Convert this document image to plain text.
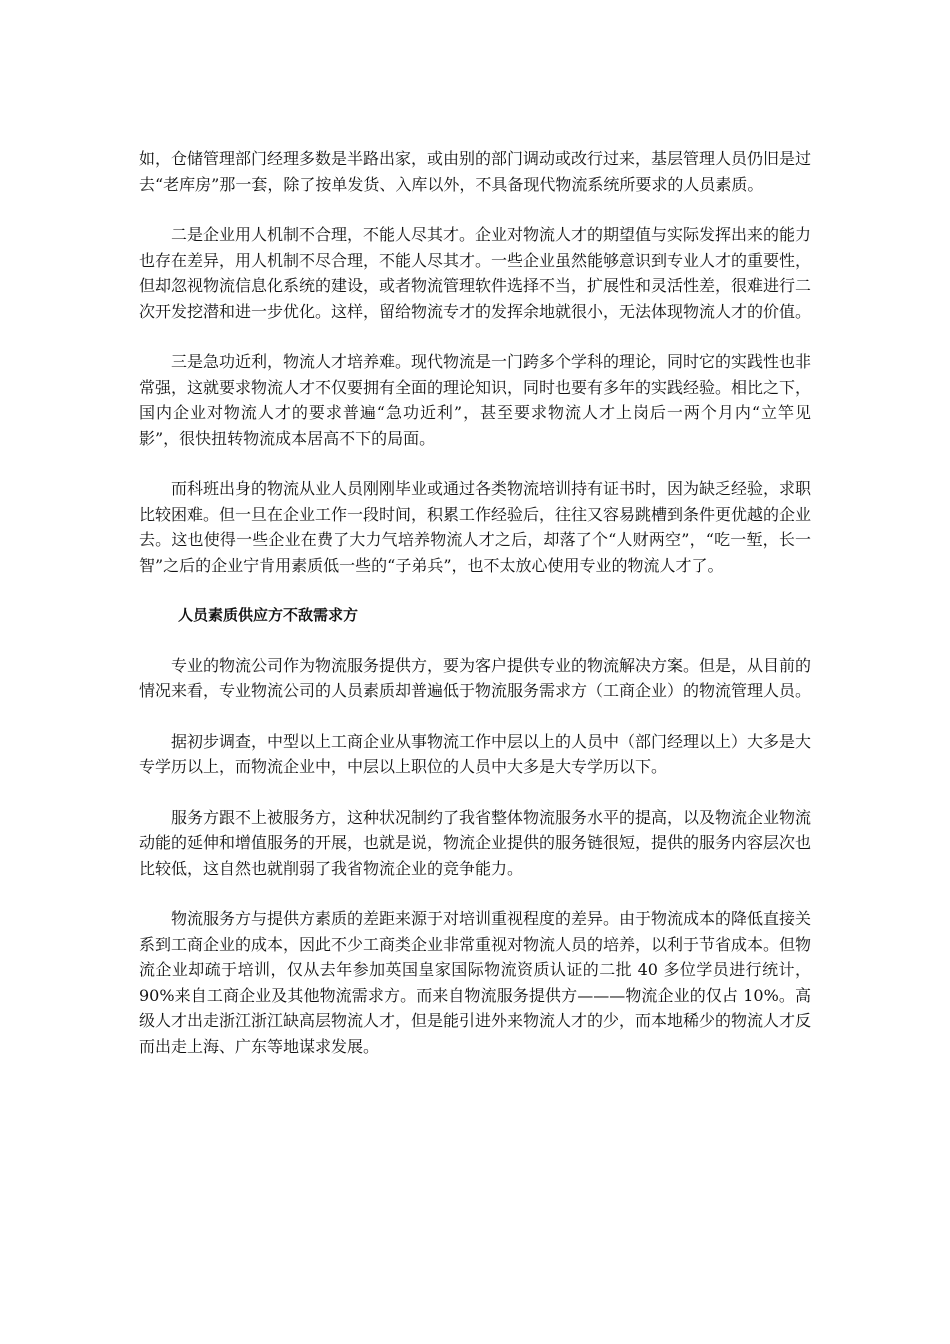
如，仓储管理部门经理多数是半路出家，或由别的部门调动或改行过来，基层管理人员仍旧是过去“老库房”那一套，除了按单发货、入库以外，不具备现代物流系统所要求的人员素质。

二是企业用人机制不合理，不能人尽其才。企业对物流人才的期望值与实际发挥出来的能力也存在差异，用人机制不尽合理，不能人尽其才。一些企业虽然能够意识到专业人才的重要性，但却忽视物流信息化系统的建设，或者物流管理软件选择不当，扩展性和灵活性差，很难进行二次开发挖潜和进一步优化。这样，留给物流专才的发挥余地就很小，无法体现物流人才的价值。

三是急功近利，物流人才培养难。现代物流是一门跨多个学科的理论，同时它的实践性也非常强，这就要求物流人才不仅要拥有全面的理论知识，同时也要有多年的实践经验。相比之下，国内企业对物流人才的要求普遍“急功近利”，甚至要求物流人才上岗后一两个月内“立竿见影”，很快扭转物流成本居高不下的局面。

而科班出身的物流从业人员刚刚毕业或通过各类物流培训持有证书时，因为缺乏经验，求职比较困难。但一旦在企业工作一段时间，积累工作经验后，往往又容易跳槽到条件更优越的企业去。这也使得一些企业在费了大力气培养物流人才之后，却落了个“人财两空”，“吃一堑，长一智”之后的企业宁肯用素质低一些的“子弟兵”，也不太放心使用专业的物流人才了。

人员素质供应方不敌需求方

专业的物流公司作为物流服务提供方，要为客户提供专业的物流解决方案。但是，从目前的情况来看，专业物流公司的人员素质却普遍低于物流服务需求方（工商企业）的物流管理人员。

据初步调查，中型以上工商企业从事物流工作中层以上的人员中（部门经理以上）大多是大专学历以上，而物流企业中，中层以上职位的人员中大多是大专学历以下。

服务方跟不上被服务方，这种状况制约了我省整体物流服务水平的提高，以及物流企业物流动能的延伸和增值服务的开展，也就是说，物流企业提供的服务链很短，提供的服务内容层次也比较低，这自然也就削弱了我省物流企业的竞争能力。

物流服务方与提供方素质的差距来源于对培训重视程度的差异。由于物流成本的降低直接关系到工商企业的成本，因此不少工商类企业非常重视对物流人员的培养，以利于节省成本。但物流企业却疏于培训，仅从去年参加英国皇家国际物流资质认证的二批 40 多位学员进行统计，90%来自工商企业及其他物流需求方。而来自物流服务提供方———物流企业的仅占 10%。高级人才出走浙江浙江缺高层物流人才，但是能引进外来物流人才的少，而本地稀少的物流人才反而出走上海、广东等地谋求发展。
